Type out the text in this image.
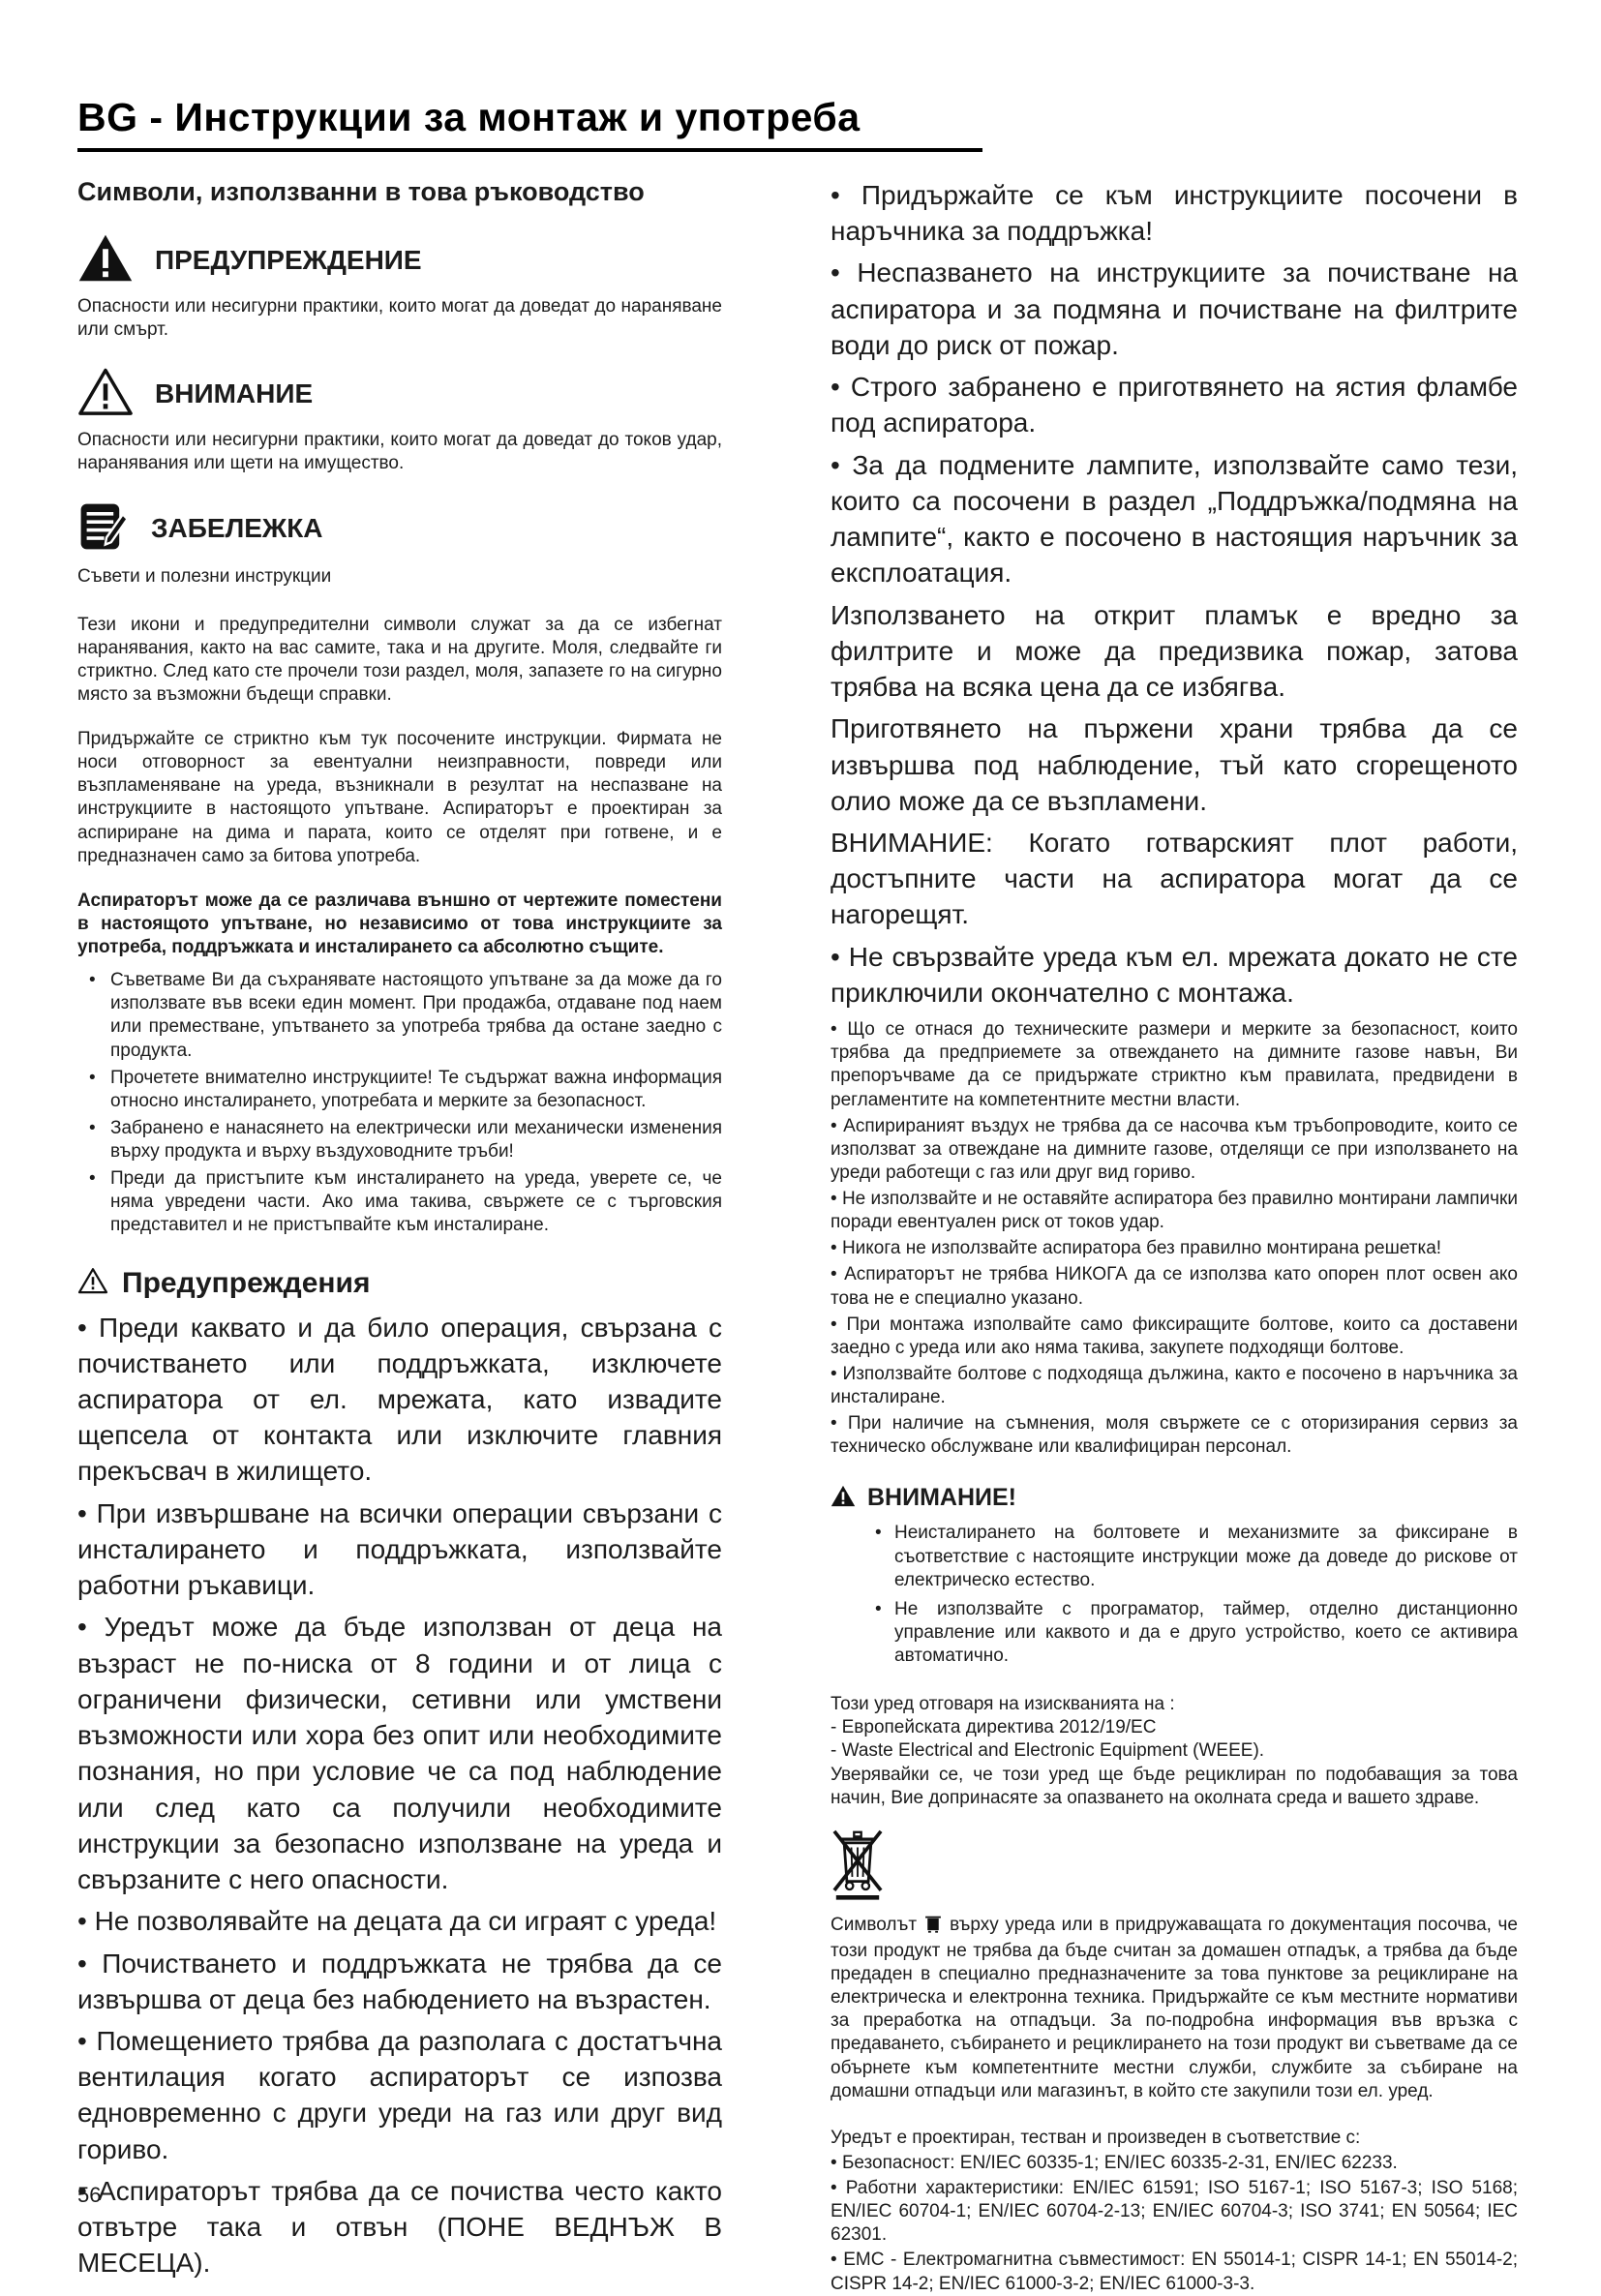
BG - Инструкции за монтаж и употреба
Символи, използванни в това ръководство
ПРЕДУПРЕЖДЕНИЕ

Опасности или несигурни практики, които могат да доведат до нараняване или смърт.

ВНИМАНИЕ

Опасности или несигурни практики, които могат да доведат до токов удар, наранявания или щети на имущество.

ЗАБЕЛЕЖКА

Съвети и полезни инструкции

Тези икони и предупредителни символи служат за да се избегнат наранявания, както на вас самите, така и на другите. Моля, следвайте ги стриктно. След като сте прочели този раздел, моля, запазете го на сигурно място за възможни бъдещи справки.

Придържайте се стриктно към тук посочените инструкции. Фирмата не носи отговорност за евентуални неизправности, повреди или възпламеняване на уреда, възникнали в резултат на неспазване на инструкциите в настоящото упътване. Аспираторът е проектиран за аспириране на дима и парата, които се отделят при готвене, и е предназначен само за битова употреба.

Аспираторът може да се различава външно от чертежите поместени в настоящото упътване, но независимо от това инструкциите за употреба, поддръжката и инсталирането са абсолютно същите.

• Съветваме Ви да съхранявате настоящото упътване за да може да го използвате във всеки един момент. При продажба, отдаване под наем или преместване, упътването за употреба трябва да остане заедно с продукта.
• Прочетете внимателно инструкциите! Те съдържат важна информация относно инсталирането, употребата и мерките за безопасност.
• Забранено е нанасянето на електрически или механически изменения върху продукта и върху въздуховодните тръби!
• Преди да пристъпите към инсталирането на уреда, уверете се, че няма увредени части. Ако има такива, свържете се с търговския представител и не пристъпвайте към инсталиране.
Предупреждения

• Преди каквато и да било операция, свързана с почистването или поддръжката, изключете аспиратора от ел. мрежата, като извадите щепсела от контакта или изключите главния прекъсвач в жилището.

• При извършване на всички операции свързани с инсталирането и поддръжката, използвайте работни ръкавици.

• Уредът може да бъде използван от деца на възраст не по-ниска от 8 години и от лица с ограничени физически, сетивни или умствени възможности или хора без опит или необходимите познания, но при условие че са под наблюдение или след като са получили необходимите инструкции за безопасно използване на уреда и свързаните с него опасности.

• Не позволявайте на децата да си играят с уреда!

• Почистването и поддръжката не трябва да се извършва от деца без набюдението на възрастен.

• Помещението трябва да разполага с достатъчна вентилация когато аспираторът се изпозва едновременно с други уреди на газ или друг вид гориво.

• Аспираторът трябва да се почиства често както отвътре така и отвън (ПОНЕ ВЕДНЪЖ В МЕСЕЦА).

• Придържайте се към инструкциите посочени в наръчника за поддръжка!

• Неспазването на инструкциите за почистване на аспиратора и за подмяна и почистване на филтрите води до риск от пожар.

• Строго забранено е приготвянето на ястия фламбе под аспиратора.

• За да подмените лампите, използвайте само тези, които са посочени в раздел „Поддръжка/подмяна на лампите“, както е посочено в настоящия наръчник за експлоатация.

Използването на открит пламък е вредно за филтрите и може да предизвика пожар, затова трябва на всяка цена да се избягва.

Приготвянето на пържени храни трябва да се извършва под наблюдение, тъй като сгорещеното олио може да се възпламени.

ВНИМАНИЕ: Когато готварският плот работи, достъпните части на аспиратора могат да се нагорещят.

• Не свързвайте уреда към ел. мрежата докато не сте приключили окончателно с монтажа.

• Що се отнася до техническите размери и мерките за безопасност, които трябва да предприемете за отвеждането на димните газове навън, Ви препоръчваме да се придържате стриктно към правилата, предвидени в регламентите на компетентните местни власти.

• Аспирираният въздух не трябва да се насочва към тръбопроводите, които се използват за отвеждане на димните газове, отделящи се при използването на уреди работещи с газ или друг вид гориво.

• Не използвайте и не оставяйте аспиратора без правилно монтирани лампички поради евентуален риск от токов удар.

• Никога не използвайте аспиратора без правилно монтирана решетка!

• Аспираторът не трябва НИКОГА да се използва като опорен плот освен ако това не е специално указано.

• При монтажа изполвайте само фиксиращите болтове, които са доставени заедно с уреда или ако няма такива, закупете подходящи болтове.

• Използвайте болтове с подходяща дължина, както е посочено в наръчника за инсталиране.

• При наличие на съмнения, моля свържете се с оторизирания сервиз за техническо обслужване или квалифициран персонал.

ВНИМАНИЕ!
• Неисталирането на болтовете и механизмите за фиксиране в съответствие с настоящите инструкции може да доведе до рискове от електрическо естество.
• Не използвайте с програматор, таймер, отделно дистанционно управление или каквото и да е друго устройство, което се активира автоматично.

Този уред отговаря на изискванията на :

- Европейската директива 2012/19/EC

- Waste Electrical and Electronic Equipment (WEEE).

Уверявайки се, че този уред ще бъде рециклиран по подобаващия за това начин, Вие допринасяте за опазването на околната среда и вашето здраве.

Символът върху уреда или в придружаващата го документация посочва, че този продукт не трябва да бъде считан за домашен отпадък, а трябва да бъде предаден в специално предназначените за това пунктове за рециклиране на електрическа и електронна техника. Придържайте се към местните нормативи за преработка на отпадъци. За по-подробна информация във връзка с предаването, събирането и рециклирането на този продукт ви съветваме да се обърнете към компетентните местни служби, службите за събиране на домашни отпадъци или магазинът, в който сте закупили този ел. уред.

Уредът е проектиран, тестван и произведен в съответствие с:

• Безопасност: EN/IEC 60335-1; EN/IEC 60335-2-31, EN/IEC 62233.

• Работни характеристики: EN/IEC 61591; ISO 5167-1; ISO 5167-3; ISO 5168; EN/IEC 60704-1; EN/IEC 60704-2-13; EN/IEC 60704-3; ISO 3741; EN 50564; IEC 62301.

• EMC - Електромагнитна съвместимост: EN 55014-1; CISPR 14-1; EN 55014-2; CISPR 14-2; EN/IEC 61000-3-2; EN/IEC 61000-3-3.

56
